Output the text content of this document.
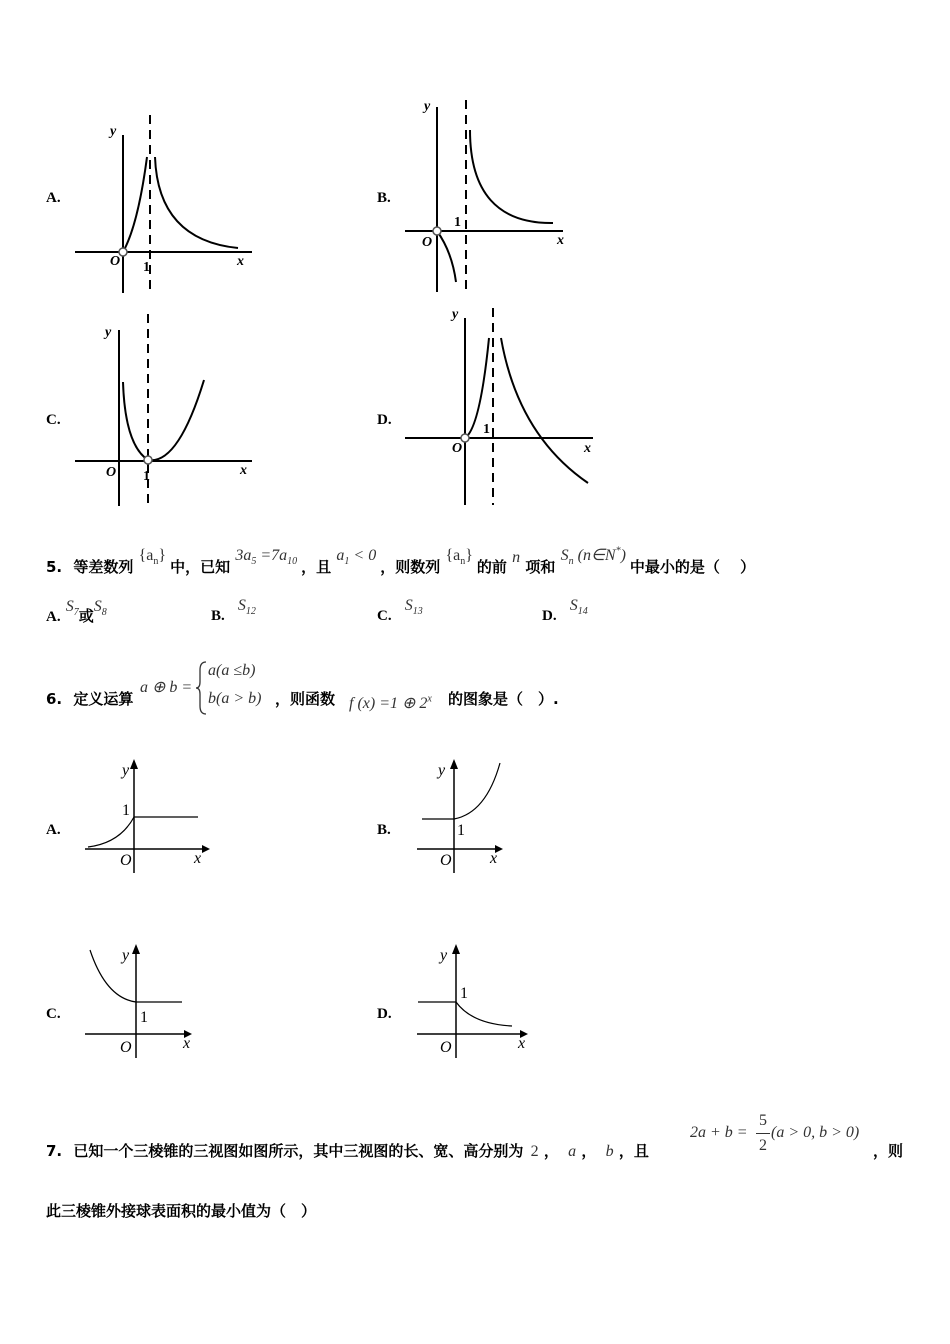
A.
y
x
O 1
B.
y
x
O
1
C.
y
x
O 1
D.
y
x
O
1
5. 等差数列 $\{a_n\}$ 中，已知 $3a_5 =7a_{10}$ ，且 $a_1 < 0$ ，则数列 $\{a_n\}$ 的前 n 项和 $S_n$ (n∈N*) 中最小的是（　 ）
A. $S_7$或$S_8$	B. $S_{12}$	C. $S_{13}$	D. $S_{14}$
6. 定义运算
a ⊕ b =
a(a ≤b)
b(a > b) ，则函数 f (x) =1 ⊕ 2$^x$ 的图象是（　）.
A.
y
x
O
1
B.
y
x
O
1
C.
y
x
O
1	D.
y
x
O
1
7. 已知一个三棱锥的三视图如图所示，其中三视图的长、宽、高分别为 2 ， a ， b ，且
2a + b =
5
2
(a > 0, b > 0)
，则
此三棱锥外接球表面积的最小值为（　）
